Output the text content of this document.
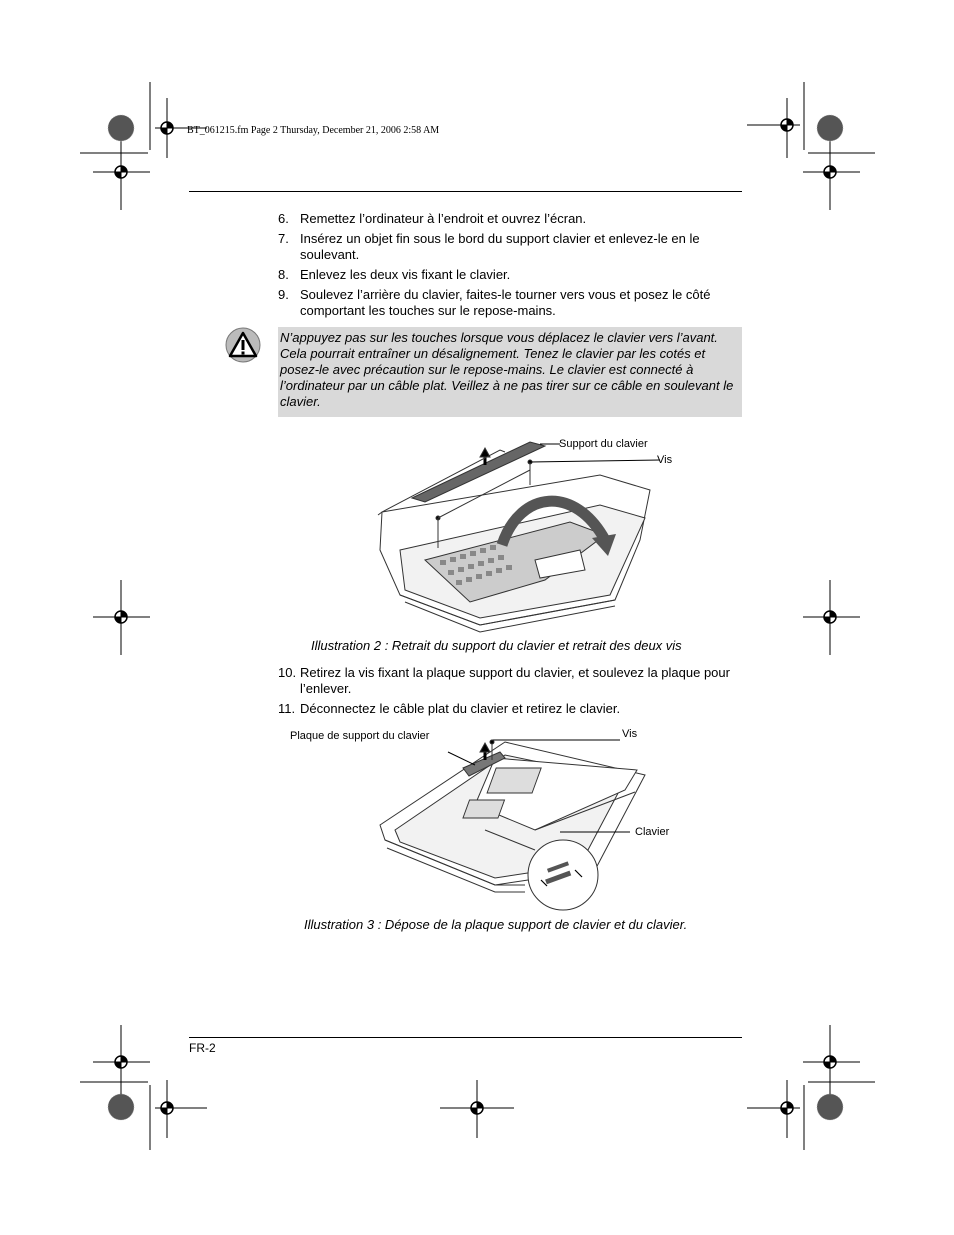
BT_061215.fm Page 2 Thursday, December 21, 2006 2:58 AM
6. Remettez l’ordinateur à l’endroit et ouvrez l’écran.
7. Insérez un objet fin sous le bord du support clavier et enlevez-le en le soulevant.
8. Enlevez les deux vis fixant le clavier.
9. Soulevez l’arrière du clavier, faites-le tourner vers vous et posez le côté comportant les touches sur le repose-mains.
N’appuyez pas sur les touches lorsque vous déplacez le clavier vers l’avant. Cela pourrait entraîner un désalignement. Tenez le clavier par les cotés et posez-le avec précaution sur le repose-mains. Le clavier est connecté à l’ordinateur par un câble plat. Veillez à ne pas tirer sur ce câble en soulevant le clavier.
Support du clavier
Vis
Illustration 2 : Retrait du support du clavier et retrait des deux vis
10. Retirez la vis fixant la plaque support du clavier, et soulevez la plaque pour l’enlever.
11. Déconnectez le câble plat du clavier et retirez le clavier.
Plaque de support du clavier	Vis
Clavier
Illustration 3 : Dépose de la plaque support de clavier et du clavier.
FR-2
